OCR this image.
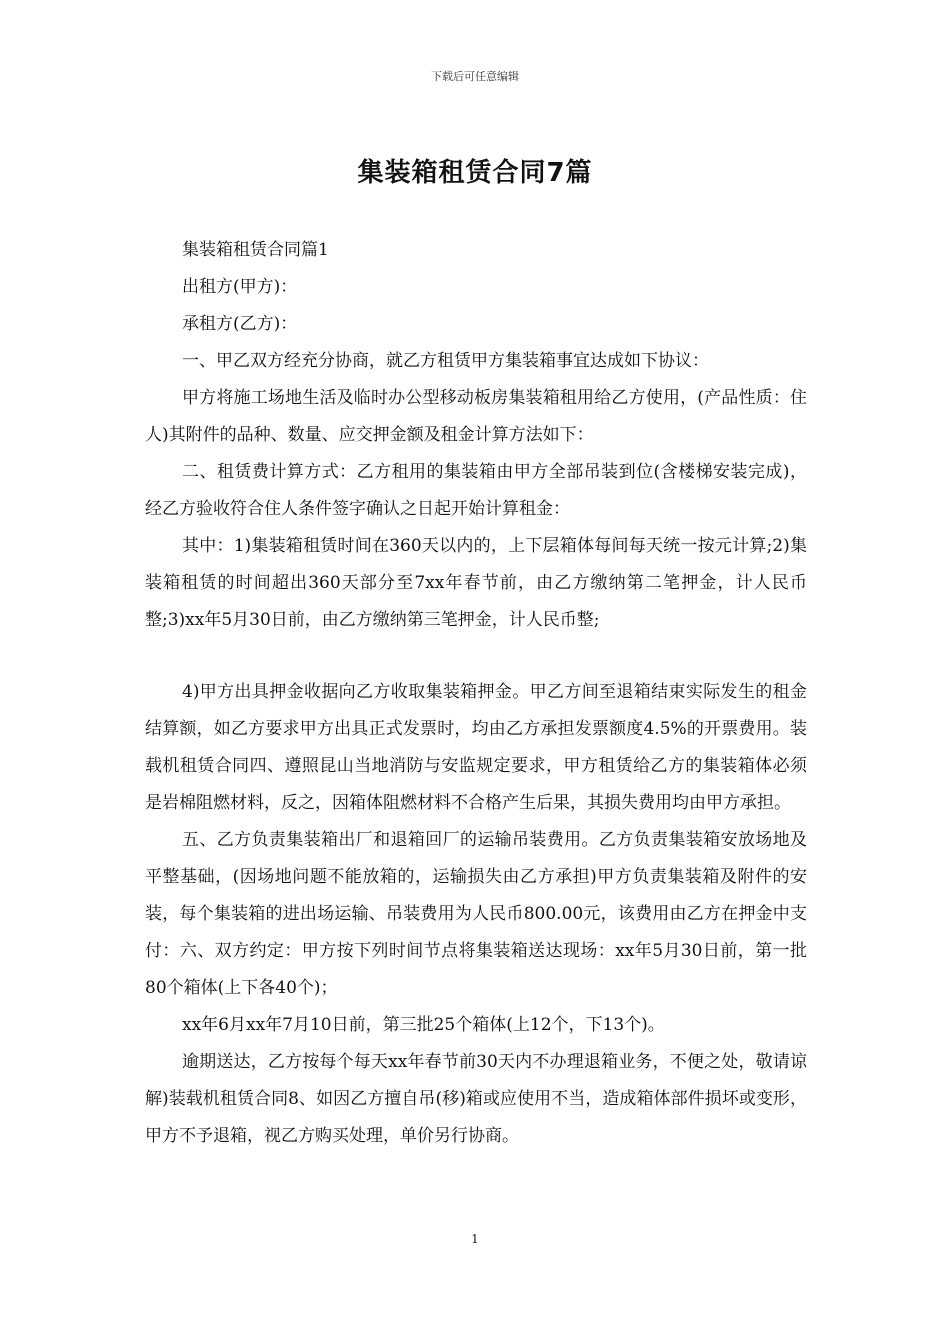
下载后可任意编辑
集装箱租赁合同7篇

集装箱租赁合同篇1

出租方(甲方)：

承租方(乙方)：

一、甲乙双方经充分协商，就乙方租赁甲方集装箱事宜达成如下协议：

甲方将施工场地生活及临时办公型移动板房集装箱租用给乙方使用，(产品性质：住人)其附件的品种、数量、应交押金额及租金计算方法如下：

二、租赁费计算方式：乙方租用的集装箱由甲方全部吊装到位(含楼梯安装完成)，经乙方验收符合住人条件签字确认之日起开始计算租金：

其中：1)集装箱租赁时间在360天以内的，上下层箱体每间每天统一按元计算;2)集装箱租赁的时间超出360天部分至7xx年春节前，由乙方缴纳第二笔押金，计人民币整;3)xx年5月30日前，由乙方缴纳第三笔押金，计人民币整;

4)甲方出具押金收据向乙方收取集装箱押金。甲乙方间至退箱结束实际发生的租金结算额，如乙方要求甲方出具正式发票时，均由乙方承担发票额度4.5%的开票费用。装载机租赁合同四、遵照昆山当地消防与安监规定要求，甲方租赁给乙方的集装箱体必须是岩棉阻燃材料，反之，因箱体阻燃材料不合格产生后果，其损失费用均由甲方承担。

五、乙方负责集装箱出厂和退箱回厂的运输吊装费用。乙方负责集装箱安放场地及平整基础，(因场地问题不能放箱的，运输损失由乙方承担)甲方负责集装箱及附件的安装，每个集装箱的进出场运输、吊装费用为人民币800.00元，该费用由乙方在押金中支付：六、双方约定：甲方按下列时间节点将集装箱送达现场：xx年5月30日前，第一批80个箱体(上下各40个)；

xx年6月xx年7月10日前，第三批25个箱体(上12个，下13个)。

逾期送达，乙方按每个每天xx年春节前30天内不办理退箱业务，不便之处，敬请谅解)装载机租赁合同8、如因乙方擅自吊(移)箱或应使用不当，造成箱体部件损坏或变形，甲方不予退箱，视乙方购买处理，单价另行协商。

1
